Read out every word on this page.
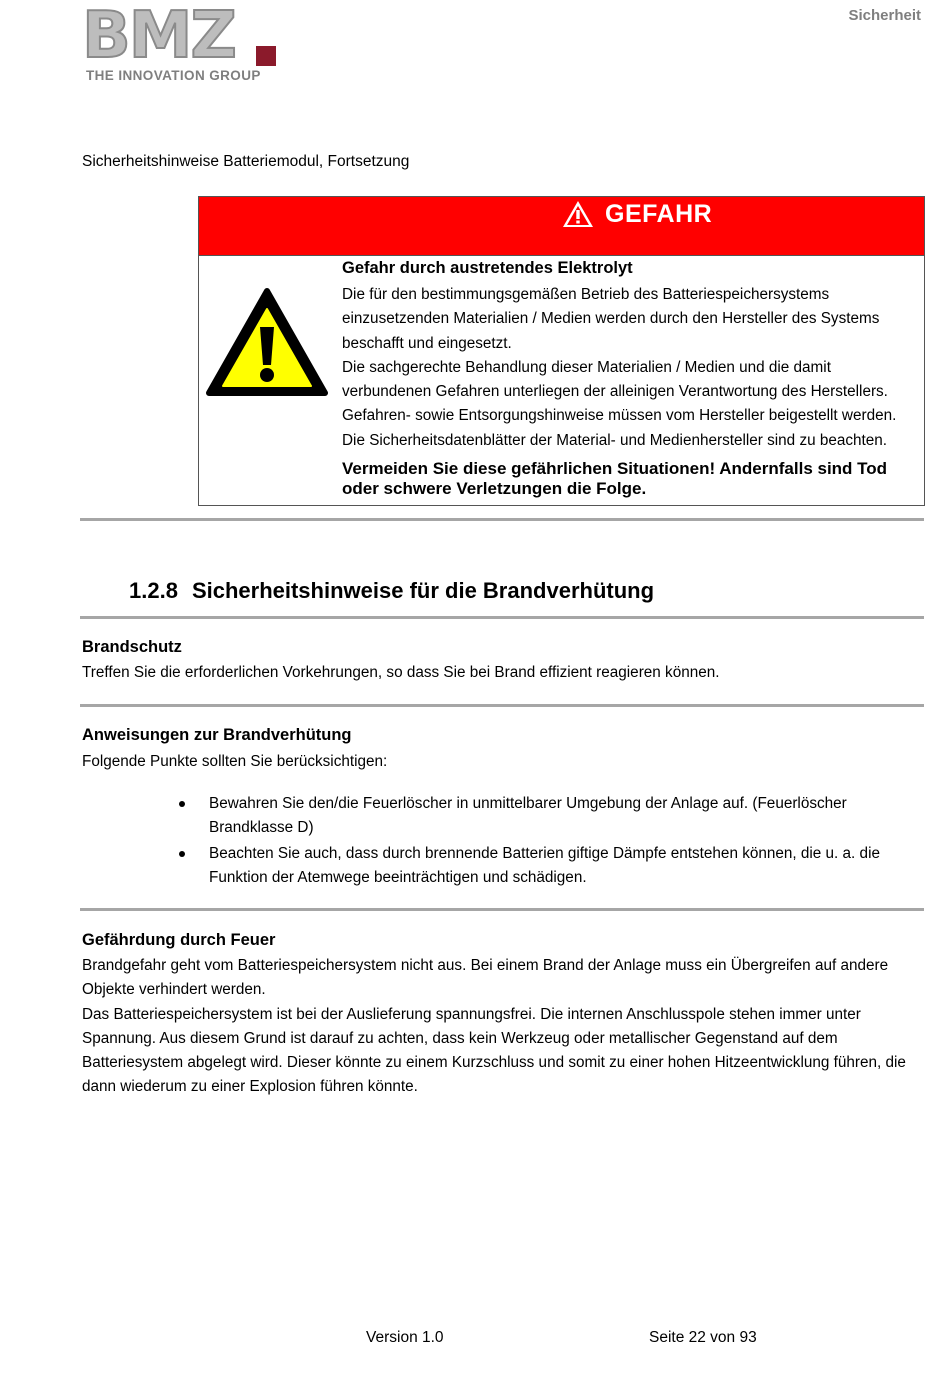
BMZ
THE INNOVATION GROUP
Sicherheit
Sicherheitshinweise Batteriemodul, Fortsetzung
GEFAHR
Gefahr durch austretendes Elektrolyt

Die für den bestimmungsgemäßen Betrieb des Batteriespeichersystems einzusetzenden Materialien / Medien werden durch den Hersteller des Systems beschafft und eingesetzt.

Die sachgerechte Behandlung dieser Materialien / Medien und die damit verbundenen Gefahren unterliegen der alleinigen Verantwortung des Herstellers.

Gefahren- sowie Entsorgungshinweise müssen vom Hersteller beigestellt werden.

Die Sicherheitsdatenblätter der Material- und Medienhersteller sind zu beachten.

Vermeiden Sie diese gefährlichen Situationen! Andernfalls sind Tod oder schwere Verletzungen die Folge.
1.2.8 Sicherheitshinweise für die Brandverhütung
Brandschutz
Treffen Sie die erforderlichen Vorkehrungen, so dass Sie bei Brand effizient reagieren können.
Anweisungen zur Brandverhütung
Folgende Punkte sollten Sie berücksichtigen:
Bewahren Sie den/die Feuerlöscher in unmittelbarer Umgebung der Anlage auf. (Feuerlöscher Brandklasse D)
Beachten Sie auch, dass durch brennende Batterien giftige Dämpfe entstehen können, die u. a. die Funktion der Atemwege beeinträchtigen und schädigen.
Gefährdung durch Feuer

Brandgefahr geht vom Batteriespeichersystem nicht aus. Bei einem Brand der Anlage muss ein Übergreifen auf andere Objekte verhindert werden.

Das Batteriespeichersystem ist bei der Auslieferung spannungsfrei. Die internen Anschlusspole stehen immer unter Spannung. Aus diesem Grund ist darauf zu achten, dass kein Werkzeug oder metallischer Gegenstand auf dem Batteriesystem abgelegt wird. Dieser könnte zu einem Kurzschluss und somit zu einer hohen Hitzeentwicklung führen, die dann wiederum zu einer Explosion führen könnte.

Version 1.0	Seite 22 von 93
